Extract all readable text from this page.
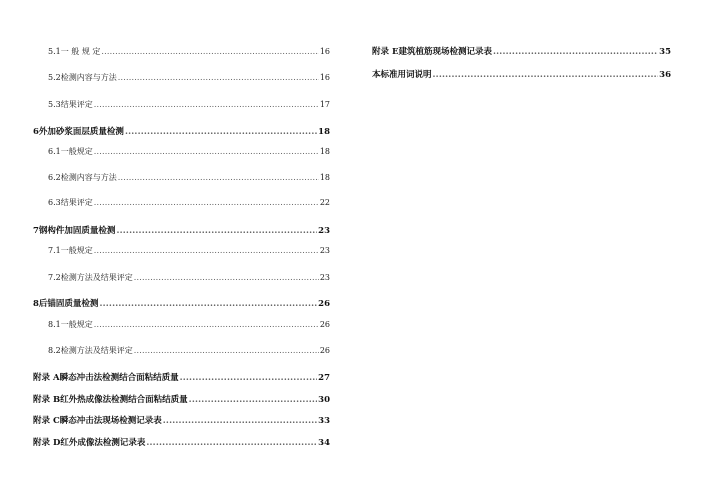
5.1 一 般 规 定 .....	16
5.2 检测内容与方法 .....	16
5.3 结果评定 .....	17
6 外加砂浆面层质量检测 .....	18
6.1 一般规定 .....	18
6.2 检测内容与方法 .....	18
6.3 结果评定 .....	22
7 钢构件加固质量检测 .....	23
7.1 一般规定 .....	23
7.2 检测方法及结果评定 .....	23
8 后锚固质量检测 .....	26
8.1 一般规定 .....	26
8.2 检测方法及结果评定 .....	26
附录 A 瞬态冲击法检测结合面粘结质量 .....	27
附录 B 红外热成像法检测结合面粘结质量 .....	30
附录 C 瞬态冲击法现场检测记录表 .....	33
附录 D 红外成像法检测记录表 .....	34
附录 E 建筑植筋现场检测记录表 .....	35
本标准用词说明 .....	36
